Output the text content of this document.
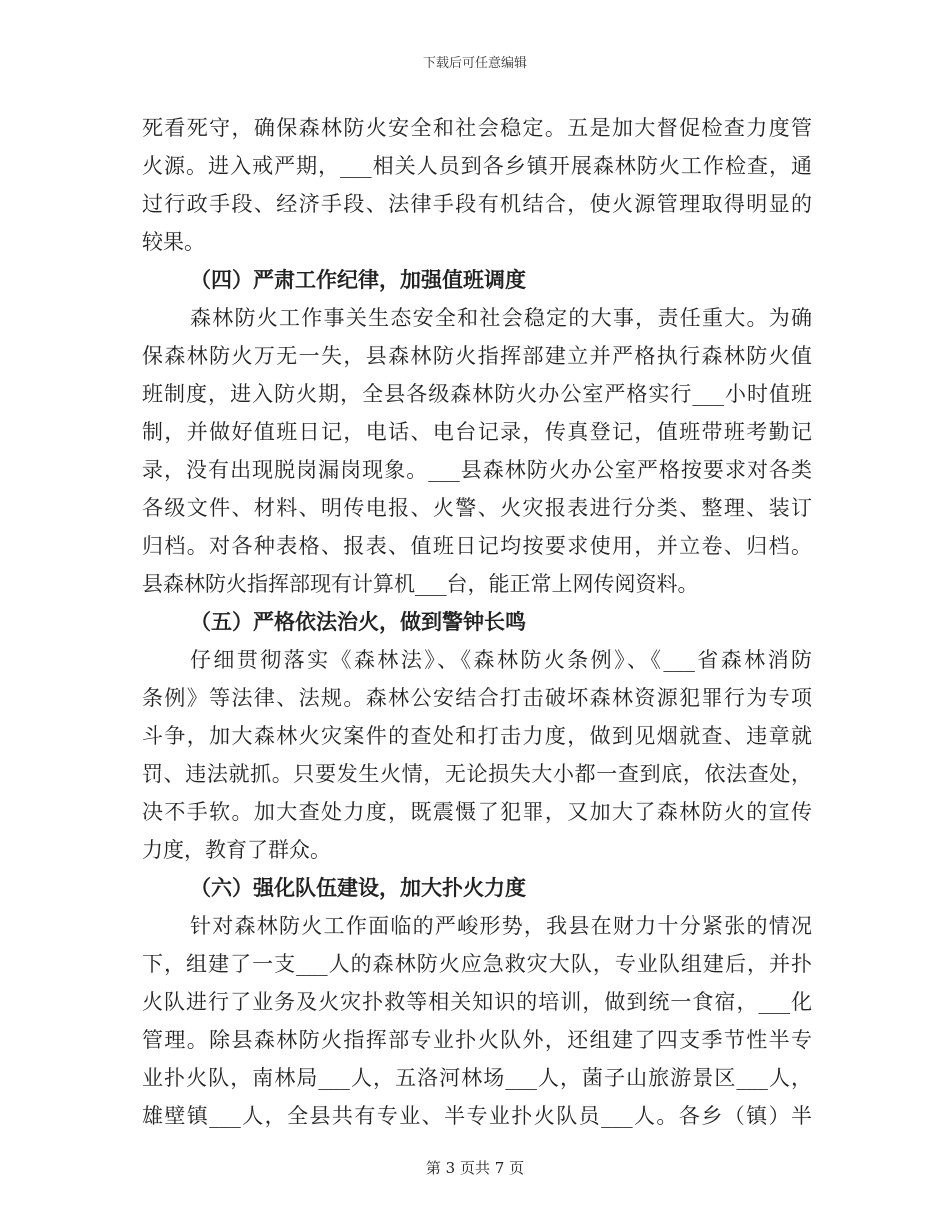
下载后可任意编辑
死看死守，确保森林防火安全和社会稳定。五是加大督促检查力度管
火源。进入戒严期，___相关人员到各乡镇开展森林防火工作检查，通
过行政手段、经济手段、法律手段有机结合，使火源管理取得明显的
较果。
（四）严肃工作纪律，加强值班调度
森林防火工作事关生态安全和社会稳定的大事，责任重大。为确
保森林防火万无一失，县森林防火指挥部建立并严格执行森林防火值
班制度，进入防火期，全县各级森林防火办公室严格实行___小时值班
制，并做好值班日记，电话、电台记录，传真登记，值班带班考勤记
录，没有出现脱岗漏岗现象。___县森林防火办公室严格按要求对各类
各级文件、材料、明传电报、火警、火灾报表进行分类、整理、装订
归档。对各种表格、报表、值班日记均按要求使用，并立卷、归档。
县森林防火指挥部现有计算机___台，能正常上网传阅资料。
（五）严格依法治火，做到警钟长鸣
仔细贯彻落实《森林法》、《森林防火条例》、《___省森林消防
条例》等法律、法规。森林公安结合打击破坏森林资源犯罪行为专项
斗争，加大森林火灾案件的查处和打击力度，做到见烟就查、违章就
罚、违法就抓。只要发生火情，无论损失大小都一查到底，依法查处，
决不手软。加大查处力度，既震慑了犯罪，又加大了森林防火的宣传
力度，教育了群众。
（六）强化队伍建设，加大扑火力度
针对森林防火工作面临的严峻形势，我县在财力十分紧张的情况
下，组建了一支___人的森林防火应急救灾大队，专业队组建后，并扑
火队进行了业务及火灾扑救等相关知识的培训，做到统一食宿，___化
管理。除县森林防火指挥部专业扑火队外，还组建了四支季节性半专
业扑火队，南林局___人，五洛河林场___人，菌子山旅游景区___人，
雄壁镇___人，全县共有专业、半专业扑火队员___人。各乡（镇）半
第 3 页共 7 页
